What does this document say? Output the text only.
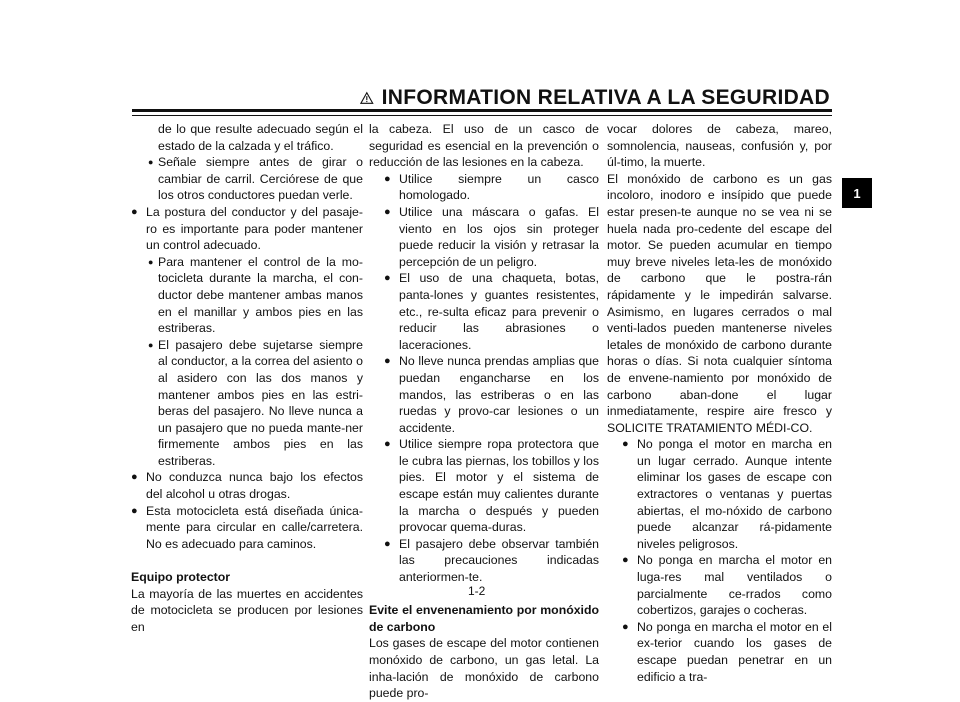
INFORMATION RELATIVA A LA SEGURIDAD
1

de lo que resulte adecuado según el estado de la calzada y el tráfico.

● Señale siempre antes de girar o cambiar de carril. Cerciórese de que los otros conductores puedan verle.
● La postura del conductor y del pasaje-ro es importante para poder mantener un control adecuado.
● Para mantener el control de la mo-tocicleta durante la marcha, el con-ductor debe mantener ambas manos en el manillar y ambos pies en las estriberas.
● El pasajero debe sujetarse siempre al conductor, a la correa del asiento o al asidero con las dos manos y mantener ambos pies en las estri-beras del pasajero. No lleve nunca a un pasajero que no pueda mante-ner firmemente ambos pies en las estriberas.
● No conduzca nunca bajo los efectos del alcohol u otras drogas.
● Esta motocicleta está diseñada única-mente para circular en calle/carretera. No es adecuado para caminos.

Equipo protector

La mayoría de las muertes en accidentes de motocicleta se producen por lesiones en

la cabeza. El uso de un casco de seguridad es esencial en la prevención o reducción de las lesiones en la cabeza.

● Utilice siempre un casco homologado.
● Utilice una máscara o gafas. El viento en los ojos sin proteger puede reducir la visión y retrasar la percepción de un peligro.
● El uso de una chaqueta, botas, panta-lones y guantes resistentes, etc., re-sulta eficaz para prevenir o reducir las abrasiones o laceraciones.
● No lleve nunca prendas amplias que puedan engancharse en los mandos, las estriberas o en las ruedas y provo-car lesiones o un accidente.
● Utilice siempre ropa protectora que le cubra las piernas, los tobillos y los pies. El motor y el sistema de escape están muy calientes durante la marcha o después y pueden provocar quema-duras.
● El pasajero debe observar también las precauciones indicadas anteriormen-te.

Evite el envenenamiento por monóxido de carbono

Los gases de escape del motor contienen monóxido de carbono, un gas letal. La inha-lación de monóxido de carbono puede pro-

vocar dolores de cabeza, mareo, somnolencia, nauseas, confusión y, por úl-timo, la muerte.

El monóxido de carbono es un gas incoloro, inodoro e insípido que puede estar presen-te aunque no se vea ni se huela nada pro-cedente del escape del motor. Se pueden acumular en tiempo muy breve niveles leta-les de monóxido de carbono que le postra-rán rápidamente y le impedirán salvarse. Asimismo, en lugares cerrados o mal venti-lados pueden mantenerse niveles letales de monóxido de carbono durante horas o días. Si nota cualquier síntoma de envene-namiento por monóxido de carbono aban-done el lugar inmediatamente, respire aire fresco y SOLICITE TRATAMIENTO MÉDI-CO.

● No ponga el motor en marcha en un lugar cerrado. Aunque intente eliminar los gases de escape con extractores o ventanas y puertas abiertas, el mo-nóxido de carbono puede alcanzar rá-pidamente niveles peligrosos.
● No ponga en marcha el motor en luga-res mal ventilados o parcialmente ce-rrados como cobertizos, garajes o cocheras.
● No ponga en marcha el motor en el ex-terior cuando los gases de escape puedan penetrar en un edificio a tra-
1-2
